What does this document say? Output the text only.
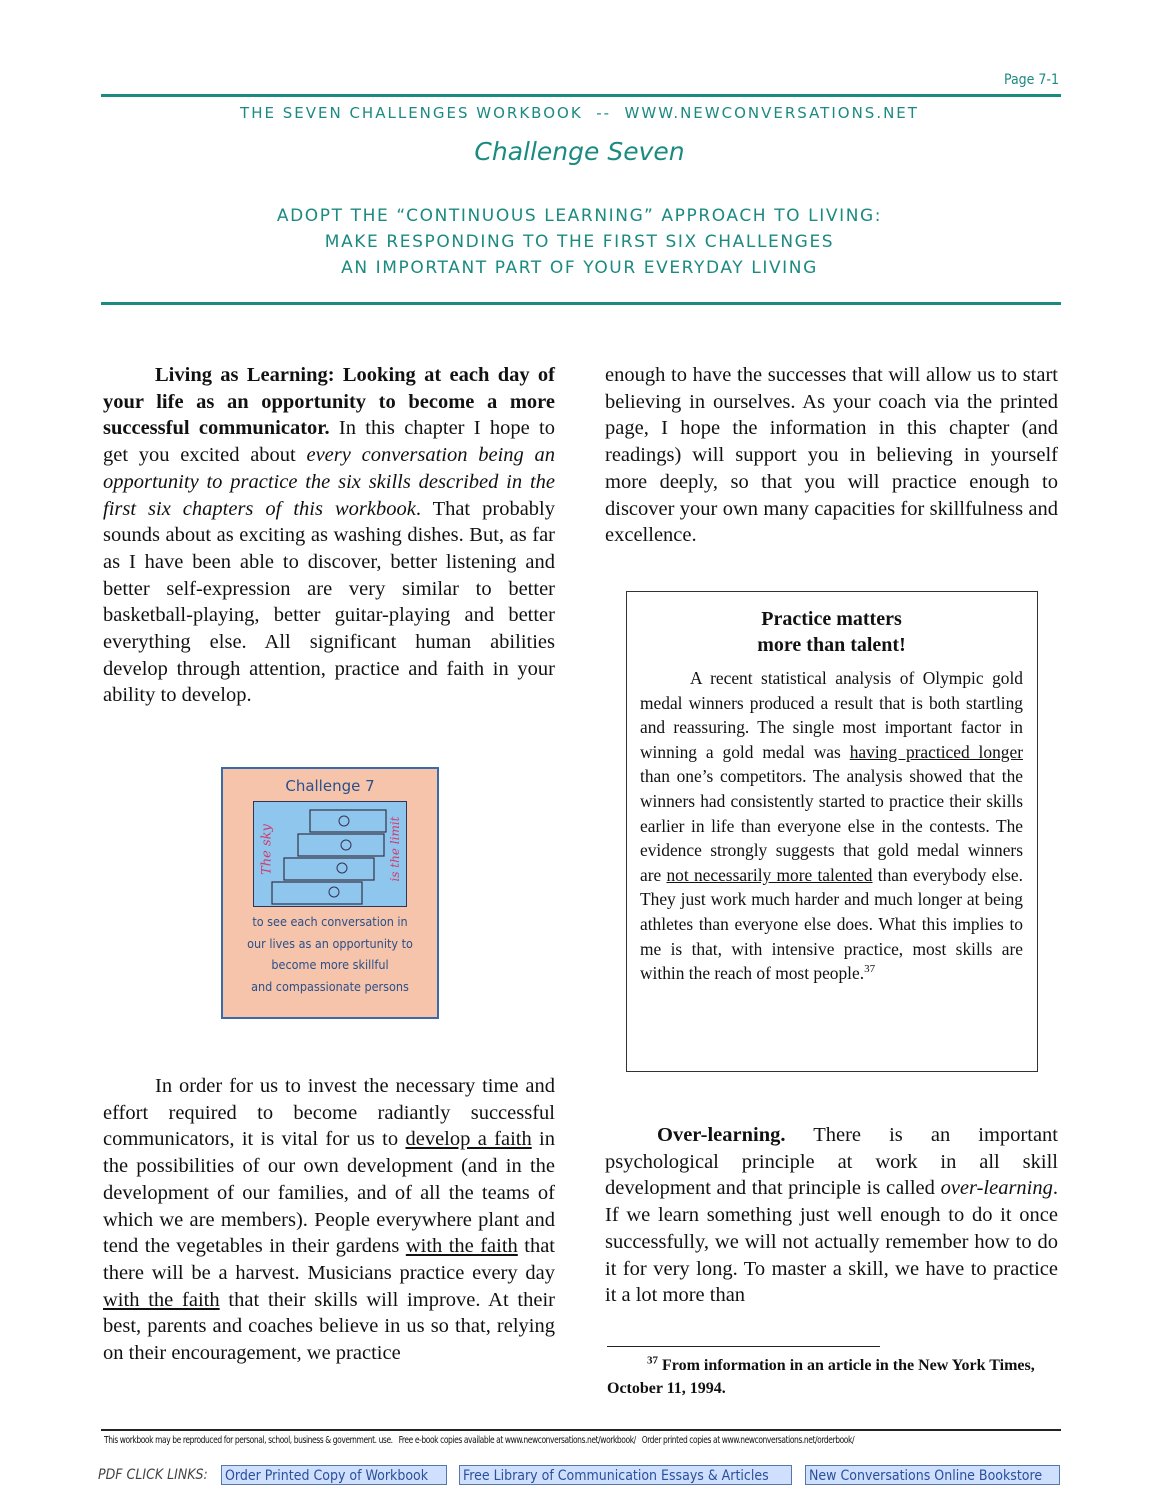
Page 7-1
THE SEVEN CHALLENGES WORKBOOK  --  WWW.NEWCONVERSATIONS.NET
Challenge Seven
ADOPT THE “CONTINUOUS LEARNING” APPROACH TO LIVING:
MAKE RESPONDING TO THE FIRST SIX CHALLENGES
AN IMPORTANT PART OF YOUR EVERYDAY LIVING

Living as Learning: Looking at each day of your life as an opportunity to become a more successful communicator. In this chapter I hope to get you excited about every conversation being an opportunity to practice the six skills described in the first six chapters of this workbook. That probably sounds about as exciting as washing dishes. But, as far as I have been able to discover, better listening and better self-expression are very similar to better basketball-playing, better guitar-playing and better everything else. All significant human abilities develop through attention, practice and faith in your ability to develop.

Challenge 7
The sky	is the limit
to see each conversation in
our lives as an opportunity to
become more skillful
and compassionate persons

In order for us to invest the necessary time and effort required to become radiantly successful communicators, it is vital for us to develop a faith in the possibilities of our own development (and in the development of our families, and of all the teams of which we are members). People everywhere plant and tend the vegetables in their gardens with the faith that there will be a harvest. Musicians practice every day with the faith that their skills will improve. At their best, parents and coaches believe in us so that, relying on their encouragement, we practice

enough to have the successes that will allow us to start believing in ourselves. As your coach via the printed page, I hope the information in this chapter (and readings) will support you in believing in yourself more deeply, so that you will practice enough to discover your own many capacities for skillfulness and excellence.

Practice matters
more than talent!

A recent statistical analysis of Olympic gold medal winners produced a result that is both startling and reassuring. The single most important factor in winning a gold medal was having practiced longer than one’s competitors. The analysis showed that the winners had consistently started to practice their skills earlier in life than everyone else in the contests. The evidence strongly suggests that gold medal winners are not necessarily more talented than everybody else. They just work much harder and much longer at being athletes than everyone else does. What this implies to me is that, with intensive practice, most skills are within the reach of most people.$^{37}$

Over-learning. There is an important psychological principle at work in all skill development and that principle is called over-learning. If we learn something just well enough to do it once successfully, we will not actually remember how to do it for very long. To master a skill, we have to practice it a lot more than

$^{37}$ From information in an article in the New York Times, October 11, 1994.
This workbook may be reproduced for personal, school, business & government. use.   Free e-book copies available at www.newconversations.net/workbook/   Order printed copies at www.newconversations.net/orderbook/
PDF CLICK LINKS: Order Printed Copy of Workbook	Free Library of Communication Essays & Articles	New Conversations Online Bookstore
